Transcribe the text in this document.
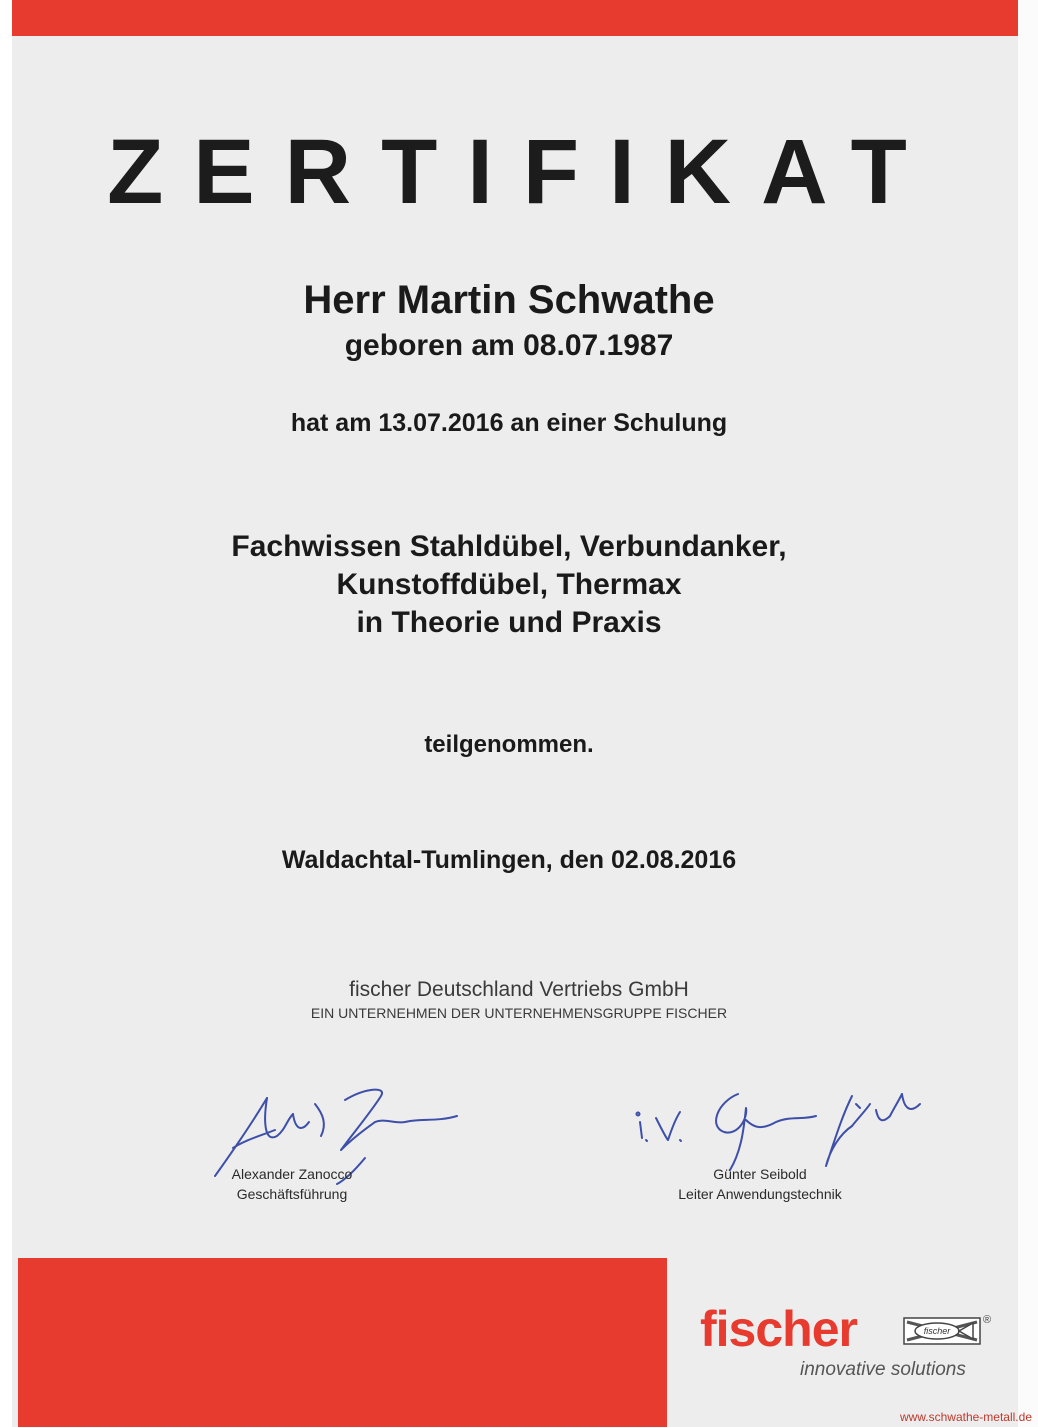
ZERTIFIKAT
Herr Martin Schwathe
geboren am 08.07.1987
hat am 13.07.2016 an einer Schulung
Fachwissen Stahldübel, Verbundanker,
Kunstoffdübel, Thermax
in Theorie und Praxis
teilgenommen.
Waldachtal-Tumlingen, den 02.08.2016
fischer Deutschland Vertriebs GmbH
EIN UNTERNEHMEN DER UNTERNEHMENSGRUPPE FISCHER
Alexander Zanocco
Geschäftsführung
Günter Seibold
Leiter Anwendungstechnik
fischer	fischer
®
innovative solutions
www.schwathe-metall.de
